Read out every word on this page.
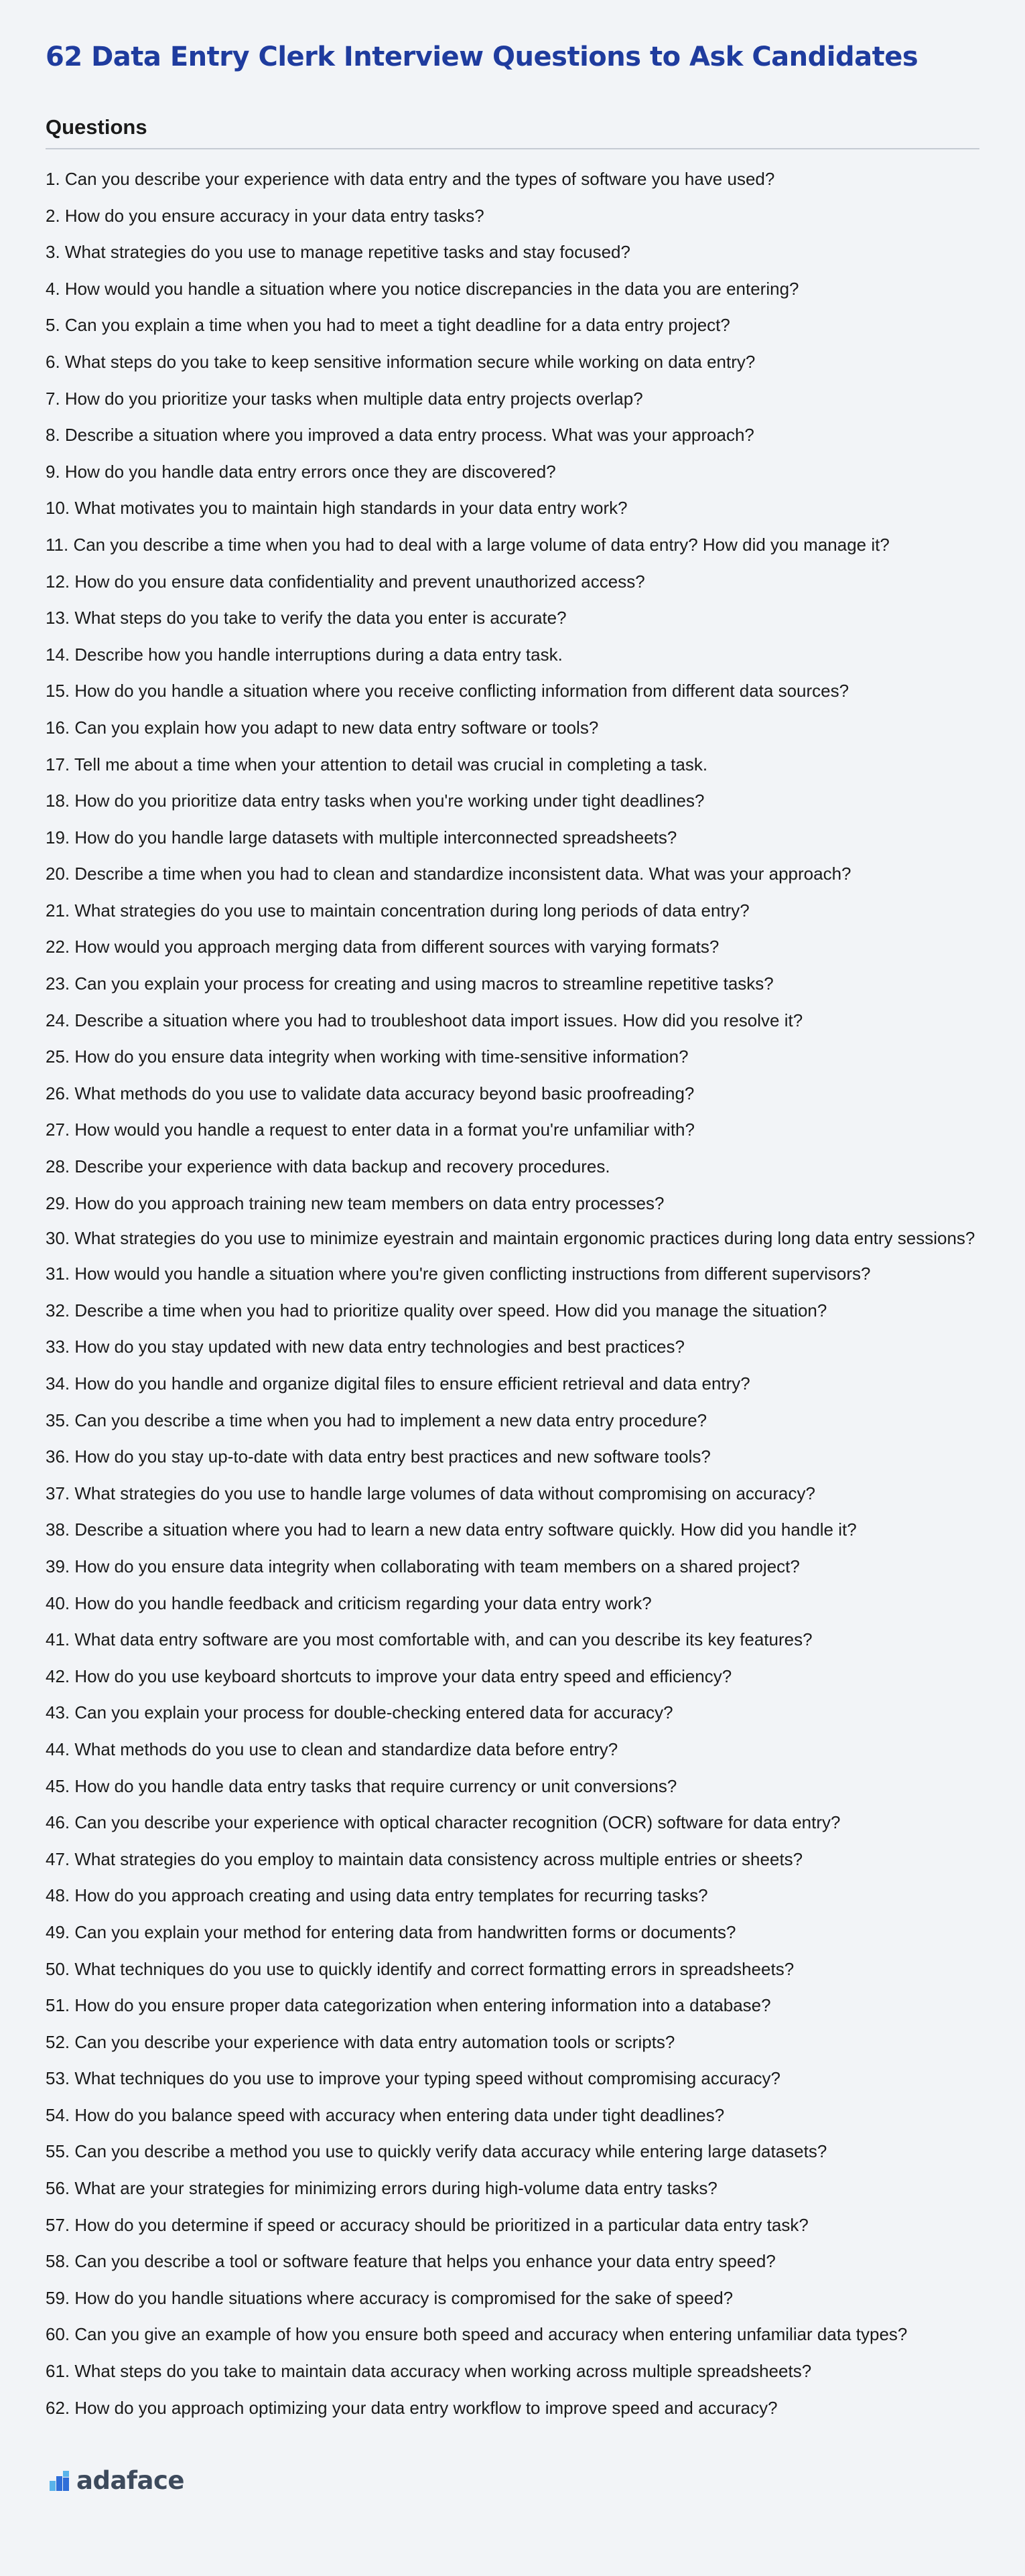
62 Data Entry Clerk Interview Questions to Ask Candidates
Questions
1. Can you describe your experience with data entry and the types of software you have used?
2. How do you ensure accuracy in your data entry tasks?
3. What strategies do you use to manage repetitive tasks and stay focused?
4. How would you handle a situation where you notice discrepancies in the data you are entering?
5. Can you explain a time when you had to meet a tight deadline for a data entry project?
6. What steps do you take to keep sensitive information secure while working on data entry?
7. How do you prioritize your tasks when multiple data entry projects overlap?
8. Describe a situation where you improved a data entry process. What was your approach?
9. How do you handle data entry errors once they are discovered?
10. What motivates you to maintain high standards in your data entry work?
11. Can you describe a time when you had to deal with a large volume of data entry? How did you manage it?
12. How do you ensure data confidentiality and prevent unauthorized access?
13. What steps do you take to verify the data you enter is accurate?
14. Describe how you handle interruptions during a data entry task.
15. How do you handle a situation where you receive conflicting information from different data sources?
16. Can you explain how you adapt to new data entry software or tools?
17. Tell me about a time when your attention to detail was crucial in completing a task.
18. How do you prioritize data entry tasks when you're working under tight deadlines?
19. How do you handle large datasets with multiple interconnected spreadsheets?
20. Describe a time when you had to clean and standardize inconsistent data. What was your approach?
21. What strategies do you use to maintain concentration during long periods of data entry?
22. How would you approach merging data from different sources with varying formats?
23. Can you explain your process for creating and using macros to streamline repetitive tasks?
24. Describe a situation where you had to troubleshoot data import issues. How did you resolve it?
25. How do you ensure data integrity when working with time-sensitive information?
26. What methods do you use to validate data accuracy beyond basic proofreading?
27. How would you handle a request to enter data in a format you're unfamiliar with?
28. Describe your experience with data backup and recovery procedures.
29. How do you approach training new team members on data entry processes?
30. What strategies do you use to minimize eyestrain and maintain ergonomic practices during long data entry sessions?
31. How would you handle a situation where you're given conflicting instructions from different supervisors?
32. Describe a time when you had to prioritize quality over speed. How did you manage the situation?
33. How do you stay updated with new data entry technologies and best practices?
34. How do you handle and organize digital files to ensure efficient retrieval and data entry?
35. Can you describe a time when you had to implement a new data entry procedure?
36. How do you stay up-to-date with data entry best practices and new software tools?
37. What strategies do you use to handle large volumes of data without compromising on accuracy?
38. Describe a situation where you had to learn a new data entry software quickly. How did you handle it?
39. How do you ensure data integrity when collaborating with team members on a shared project?
40. How do you handle feedback and criticism regarding your data entry work?
41. What data entry software are you most comfortable with, and can you describe its key features?
42. How do you use keyboard shortcuts to improve your data entry speed and efficiency?
43. Can you explain your process for double-checking entered data for accuracy?
44. What methods do you use to clean and standardize data before entry?
45. How do you handle data entry tasks that require currency or unit conversions?
46. Can you describe your experience with optical character recognition (OCR) software for data entry?
47. What strategies do you employ to maintain data consistency across multiple entries or sheets?
48. How do you approach creating and using data entry templates for recurring tasks?
49. Can you explain your method for entering data from handwritten forms or documents?
50. What techniques do you use to quickly identify and correct formatting errors in spreadsheets?
51. How do you ensure proper data categorization when entering information into a database?
52. Can you describe your experience with data entry automation tools or scripts?
53. What techniques do you use to improve your typing speed without compromising accuracy?
54. How do you balance speed with accuracy when entering data under tight deadlines?
55. Can you describe a method you use to quickly verify data accuracy while entering large datasets?
56. What are your strategies for minimizing errors during high-volume data entry tasks?
57. How do you determine if speed or accuracy should be prioritized in a particular data entry task?
58. Can you describe a tool or software feature that helps you enhance your data entry speed?
59. How do you handle situations where accuracy is compromised for the sake of speed?
60. Can you give an example of how you ensure both speed and accuracy when entering unfamiliar data types?
61. What steps do you take to maintain data accuracy when working across multiple spreadsheets?
62. How do you approach optimizing your data entry workflow to improve speed and accuracy?
adaface
